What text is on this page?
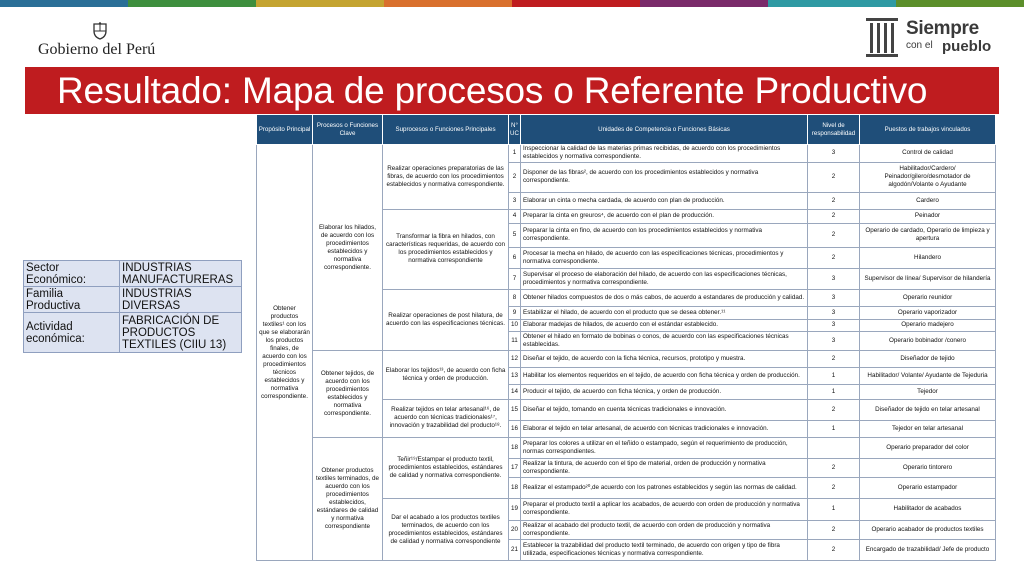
Gobierno del Perú
Siempre
con el pueblo
Resultado: Mapa de procesos o Referente Productivo
Sector Económico:	INDUSTRIAS MANUFACTURERAS
Familia Productiva	INDUSTRIAS DIVERSAS
Actividad económica:	FABRICACIÓN DE PRODUCTOS TEXTILES (CIIU 13)
Propósito Principal	Procesos o Funciones Clave	Suprocesos o Funciones Principales	N° UC	Unidades de Competencia o Funciones Básicas	Nivel de responsabilidad	Puestos de trabajos vinculados
Obtener productos textiles¹ con los que se elaborarán los productos finales, de acuerdo con los procedimientos técnicos establecidos y normativa correspondiente.	Elaborar los hilados, de acuerdo con los procedimientos establecidos y normativa correspondiente.	Realizar operaciones preparatorias de las fibras, de acuerdo con los procedimientos establecidos y normativa correspondiente.	1	Inspeccionar la calidad de las materias primas recibidas, de acuerdo con los procedimientos establecidos y normativa correspondiente.	3	Control de calidad
			2	Disponer de las fibras², de acuerdo con los procedimientos establecidos y normativa correspondiente.	2	Habilitador/Cardero/ Peinador/gilero/desmotador de algodón/Volante o Ayudante
			3	Elaborar un cinta o mecha cardada, de acuerdo con plan de producción.	2	Cardero
		Transformar la fibra en hilados, con características requeridas, de acuerdo con los procedimientos establecidos y normativa correspondiente	4	Preparar la cinta en greuros⁴, de acuerdo con el plan de producción.	2	Peinador
			5	Preparar la cinta en fino, de acuerdo con los procedimientos establecidos y normativa correspondiente.	2	Operario de cardado, Operario de limpieza y apertura
			6	Procesar la mecha en hilado, de acuerdo con las especificaciones técnicas, procedimientos y normativa correspondiente.	2	Hilandero
			7	Supervisar el proceso de elaboración del hilado, de acuerdo con las especificaciones técnicas, procedimientos y normativa correspondiente.	3	Supervisor de línea/ Supervisor de hilandería
		Realizar operaciones de post hilatura, de acuerdo con las especificaciones técnicas.	8	Obtener hilados compuestos de dos o más cabos, de acuerdo a estandares de producción y calidad.	3	Operario reunidor
			9	Estabilizar el hilado, de acuerdo con el producto que se desea obtener.¹¹	3	Operario vaporizador
			10	Elaborar madejas de hilados, de acuerdo con el estándar establecido.	3	Operario madejero
			11	Obtener el hilado en formato de bobinas o conos, de acuerdo con las especificaciones técnicas establecidas.	3	Operario bobinador /conero
	Obtener tejidos, de acuerdo con los procedimientos establecidos y normativa correspondiente.	Elaborar los tejidos¹³, de acuerdo con ficha técnica y orden de producción.	12	Diseñar el tejido, de acuerdo con la ficha técnica, recursos, prototipo y muestra.	2	Diseñador de tejido
			13	Habilitar los elementos requeridos en el tejido, de acuerdo con ficha técnica y orden de producción.	1	Habilitador/ Volante/ Ayudante de Tejeduria
			14	Producir el tejido, de acuerdo con ficha técnica, y orden de producción.	1	Tejedor
		Realizar tejidos en telar artesanal¹⁶, de acuerdo con técnicas tradicionales¹⁷, innovación y trazabilidad del producto¹⁸.	15	Diseñar el tejido, tomando en cuenta técnicas tradicionales e innovación.	2	Diseñador de tejido en telar artesanal
			16	Elaborar el tejido en telar artesanal, de acuerdo con técnicas tradicionales e innovación.	1	Tejedor en telar artesanal
	Obtener productos textiles terminados, de acuerdo con los procedimientos establecidos, estándares de calidad y normativa correspondiente	Teñir¹⁹/Estampar el producto textil, procedimientos establecidos, estándares de calidad y normativa correspondiente.	18	Preparar los colores a utilizar en el teñido o estampado, según el requerimiento de producción, normas correspondientes.		Operario preparador del color
			17	Realizar la tintura, de acuerdo con el tipo de material, orden de producción y normativa correspondiente.	2	Operario tintorero
			18	Realizar el estampado²⁰,de acuerdo con los patrones establecidos y según las normas de calidad.	2	Operario estampador
		Dar el acabado a los productos textiles terminados, de acuerdo con los procedimientos establecidos, estándares de calidad y normativa correspondiente	19	Preparar el producto textil a aplicar los acabados, de acuerdo con orden de producción y normativa correspondiente.	1	Habilitador de acabados
			20	Realizar el acabado del producto textil, de acuerdo con orden de producción y normativa correspondiente.	2	Operario acabador de productos textiles
			21	Establecer la trazabilidad del producto textil terminado, de acuerdo con origen y tipo de fibra utilizada, especificaciones técnicas y normativa correspondiente.	2	Encargado de trazabilidad/ Jefe de producto
